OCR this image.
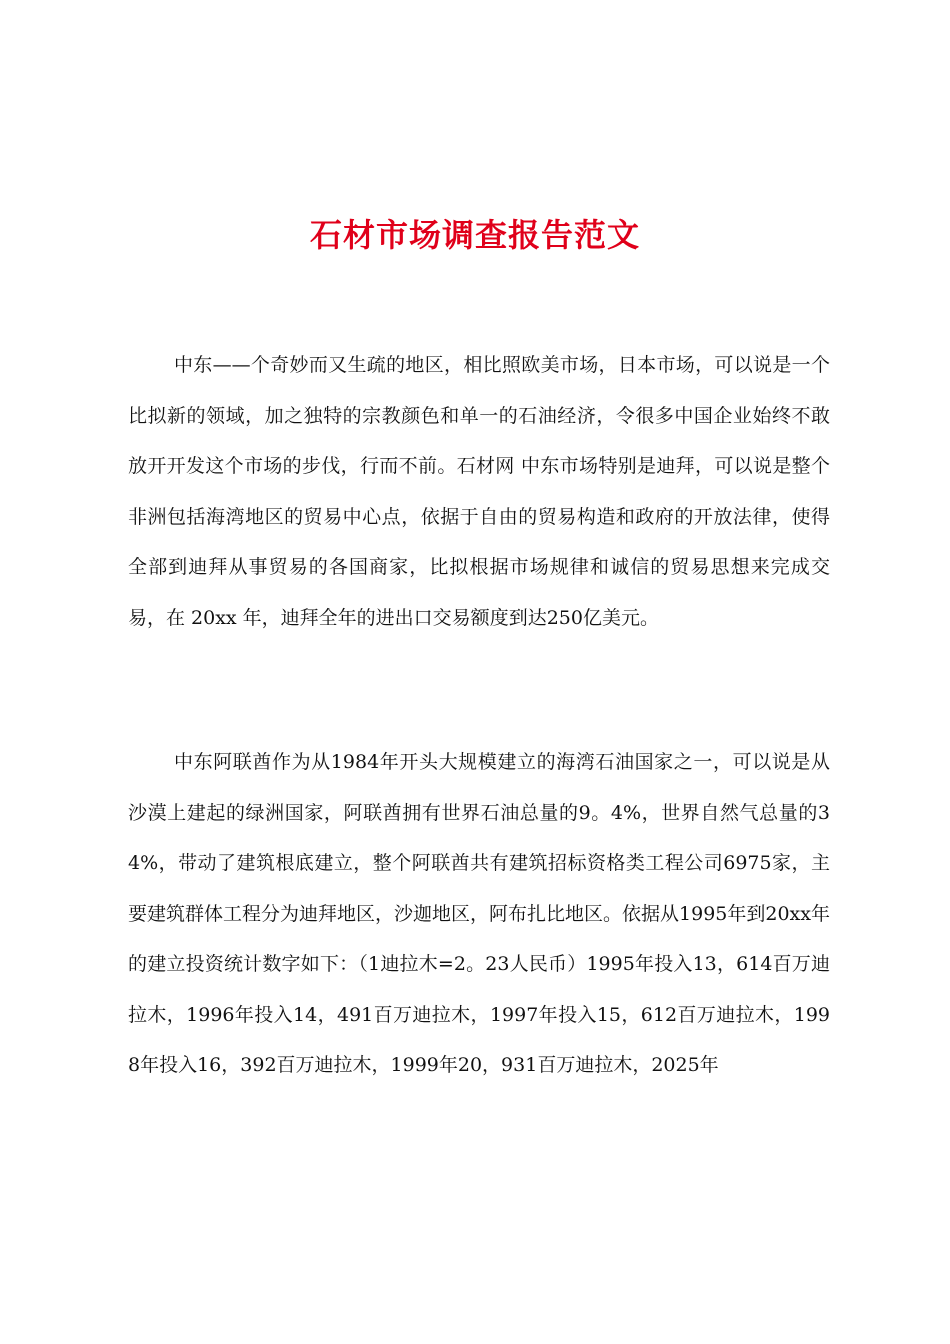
石材市场调查报告范文

中东——个奇妙而又生疏的地区，相比照欧美市场，日本市场，可以说是一个比拟新的领域，加之独特的宗教颜色和单一的石油经济，令很多中国企业始终不敢放开开发这个市场的步伐，行而不前。石材网 中东市场特别是迪拜，可以说是整个非洲包括海湾地区的贸易中心点，依据于自由的贸易构造和政府的开放法律，使得全部到迪拜从事贸易的各国商家，比拟根据市场规律和诚信的贸易思想来完成交易，在 20xx 年，迪拜全年的进出口交易额度到达250亿美元。

中东阿联酋作为从1984年开头大规模建立的海湾石油国家之一，可以说是从沙漠上建起的绿洲国家，阿联酋拥有世界石油总量的9。4%，世界自然气总量的34%，带动了建筑根底建立，整个阿联酋共有建筑招标资格类工程公司6975家，主要建筑群体工程分为迪拜地区，沙迦地区，阿布扎比地区。依据从1995年到20xx年的建立投资统计数字如下：（1迪拉木=2。23人民币）1995年投入13，614百万迪拉木，1996年投入14，491百万迪拉木，1997年投入15，612百万迪拉木，1998年投入16，392百万迪拉木，1999年20，931百万迪拉木，2025年
